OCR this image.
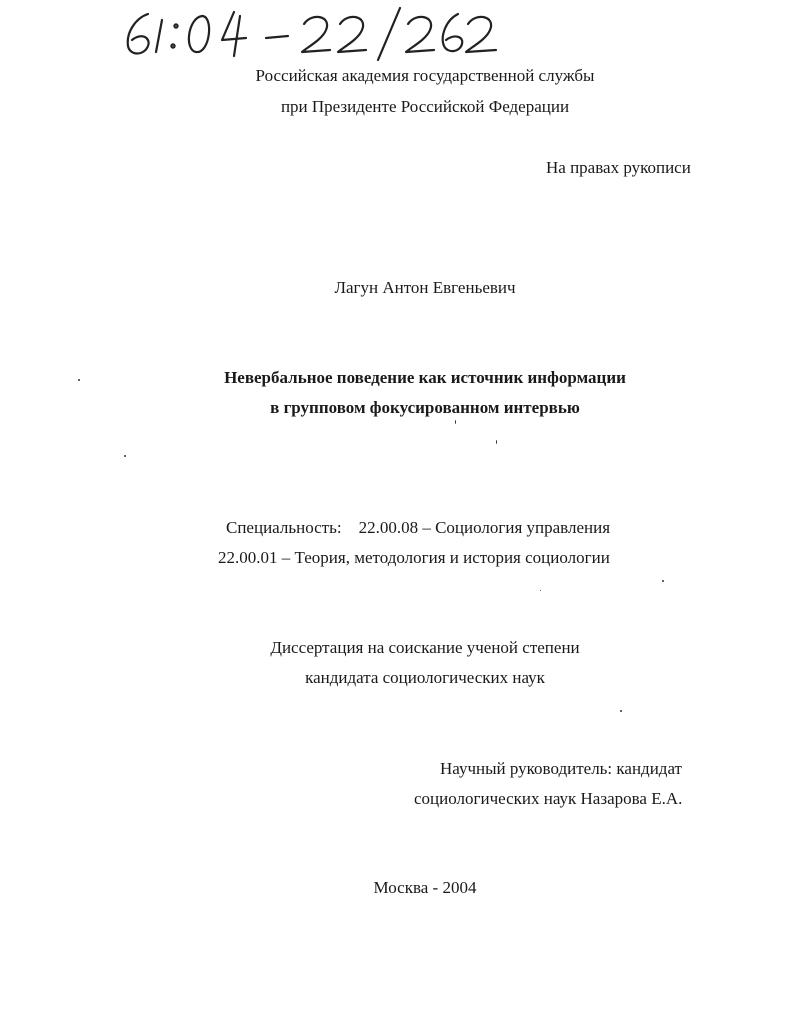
Российская академия государственной службы
при Президенте Российской Федерации
На правах рукописи
Лагун Антон Евгеньевич
Невербальное поведение как источник информации
в групповом фокусированном интервью
Специальность: 22.00.08 – Социология управления
22.00.01 – Теория, методология и история социологии
Диссертация на соискание ученой степени
кандидата социологических наук
Научный руководитель: кандидат
социологических наук Назарова Е.А.
Москва - 2004
